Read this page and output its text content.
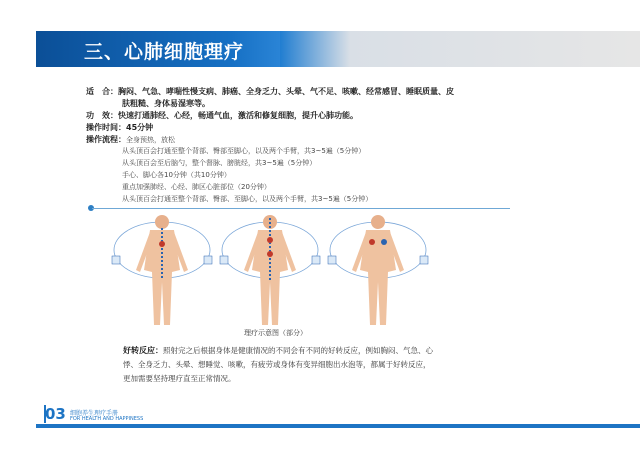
三、心肺细胞理疗
适　合：胸闷、气急、哮喘性慢支病、肺癌、全身乏力、头晕、气不足、咳嗽、经常感冒、睡眠质量、皮
肤粗糙、身体易湿寒等。
功　效：快速打通肺经、心经，畅通气血，激活和修复细胞，提升心肺功能。
操作时间：45分钟
操作流程：全身预热，放松
从头顶百会打通至整个背部、臀部至脚心，以及两个手臂，共3~5遍（5分钟）
从头顶百会至后脑勺，整个督脉、膀胱经，共3~5遍（5分钟）
手心、脚心各10分钟（共10分钟）
重点加强肺经、心经、肺区心脏部位（20分钟）
从头顶百会打通至整个背部、臀部、至脚心，以及两个手臂，共3~5遍（5分钟）
理疗示意图（部分）
好转反应：照射完之后根据身体是健康情况的不同会有不同的好转反应，例如胸闷、气急、心悸、全身乏力、头晕、想睡觉、咳嗽，有疲劳或身体有变异细胞出水泡等，都属于好转反应，更加需要坚持理疗直至正常情况。
03 细胞养生理疗手册
FOR HEALTH AND HAPPINESS
